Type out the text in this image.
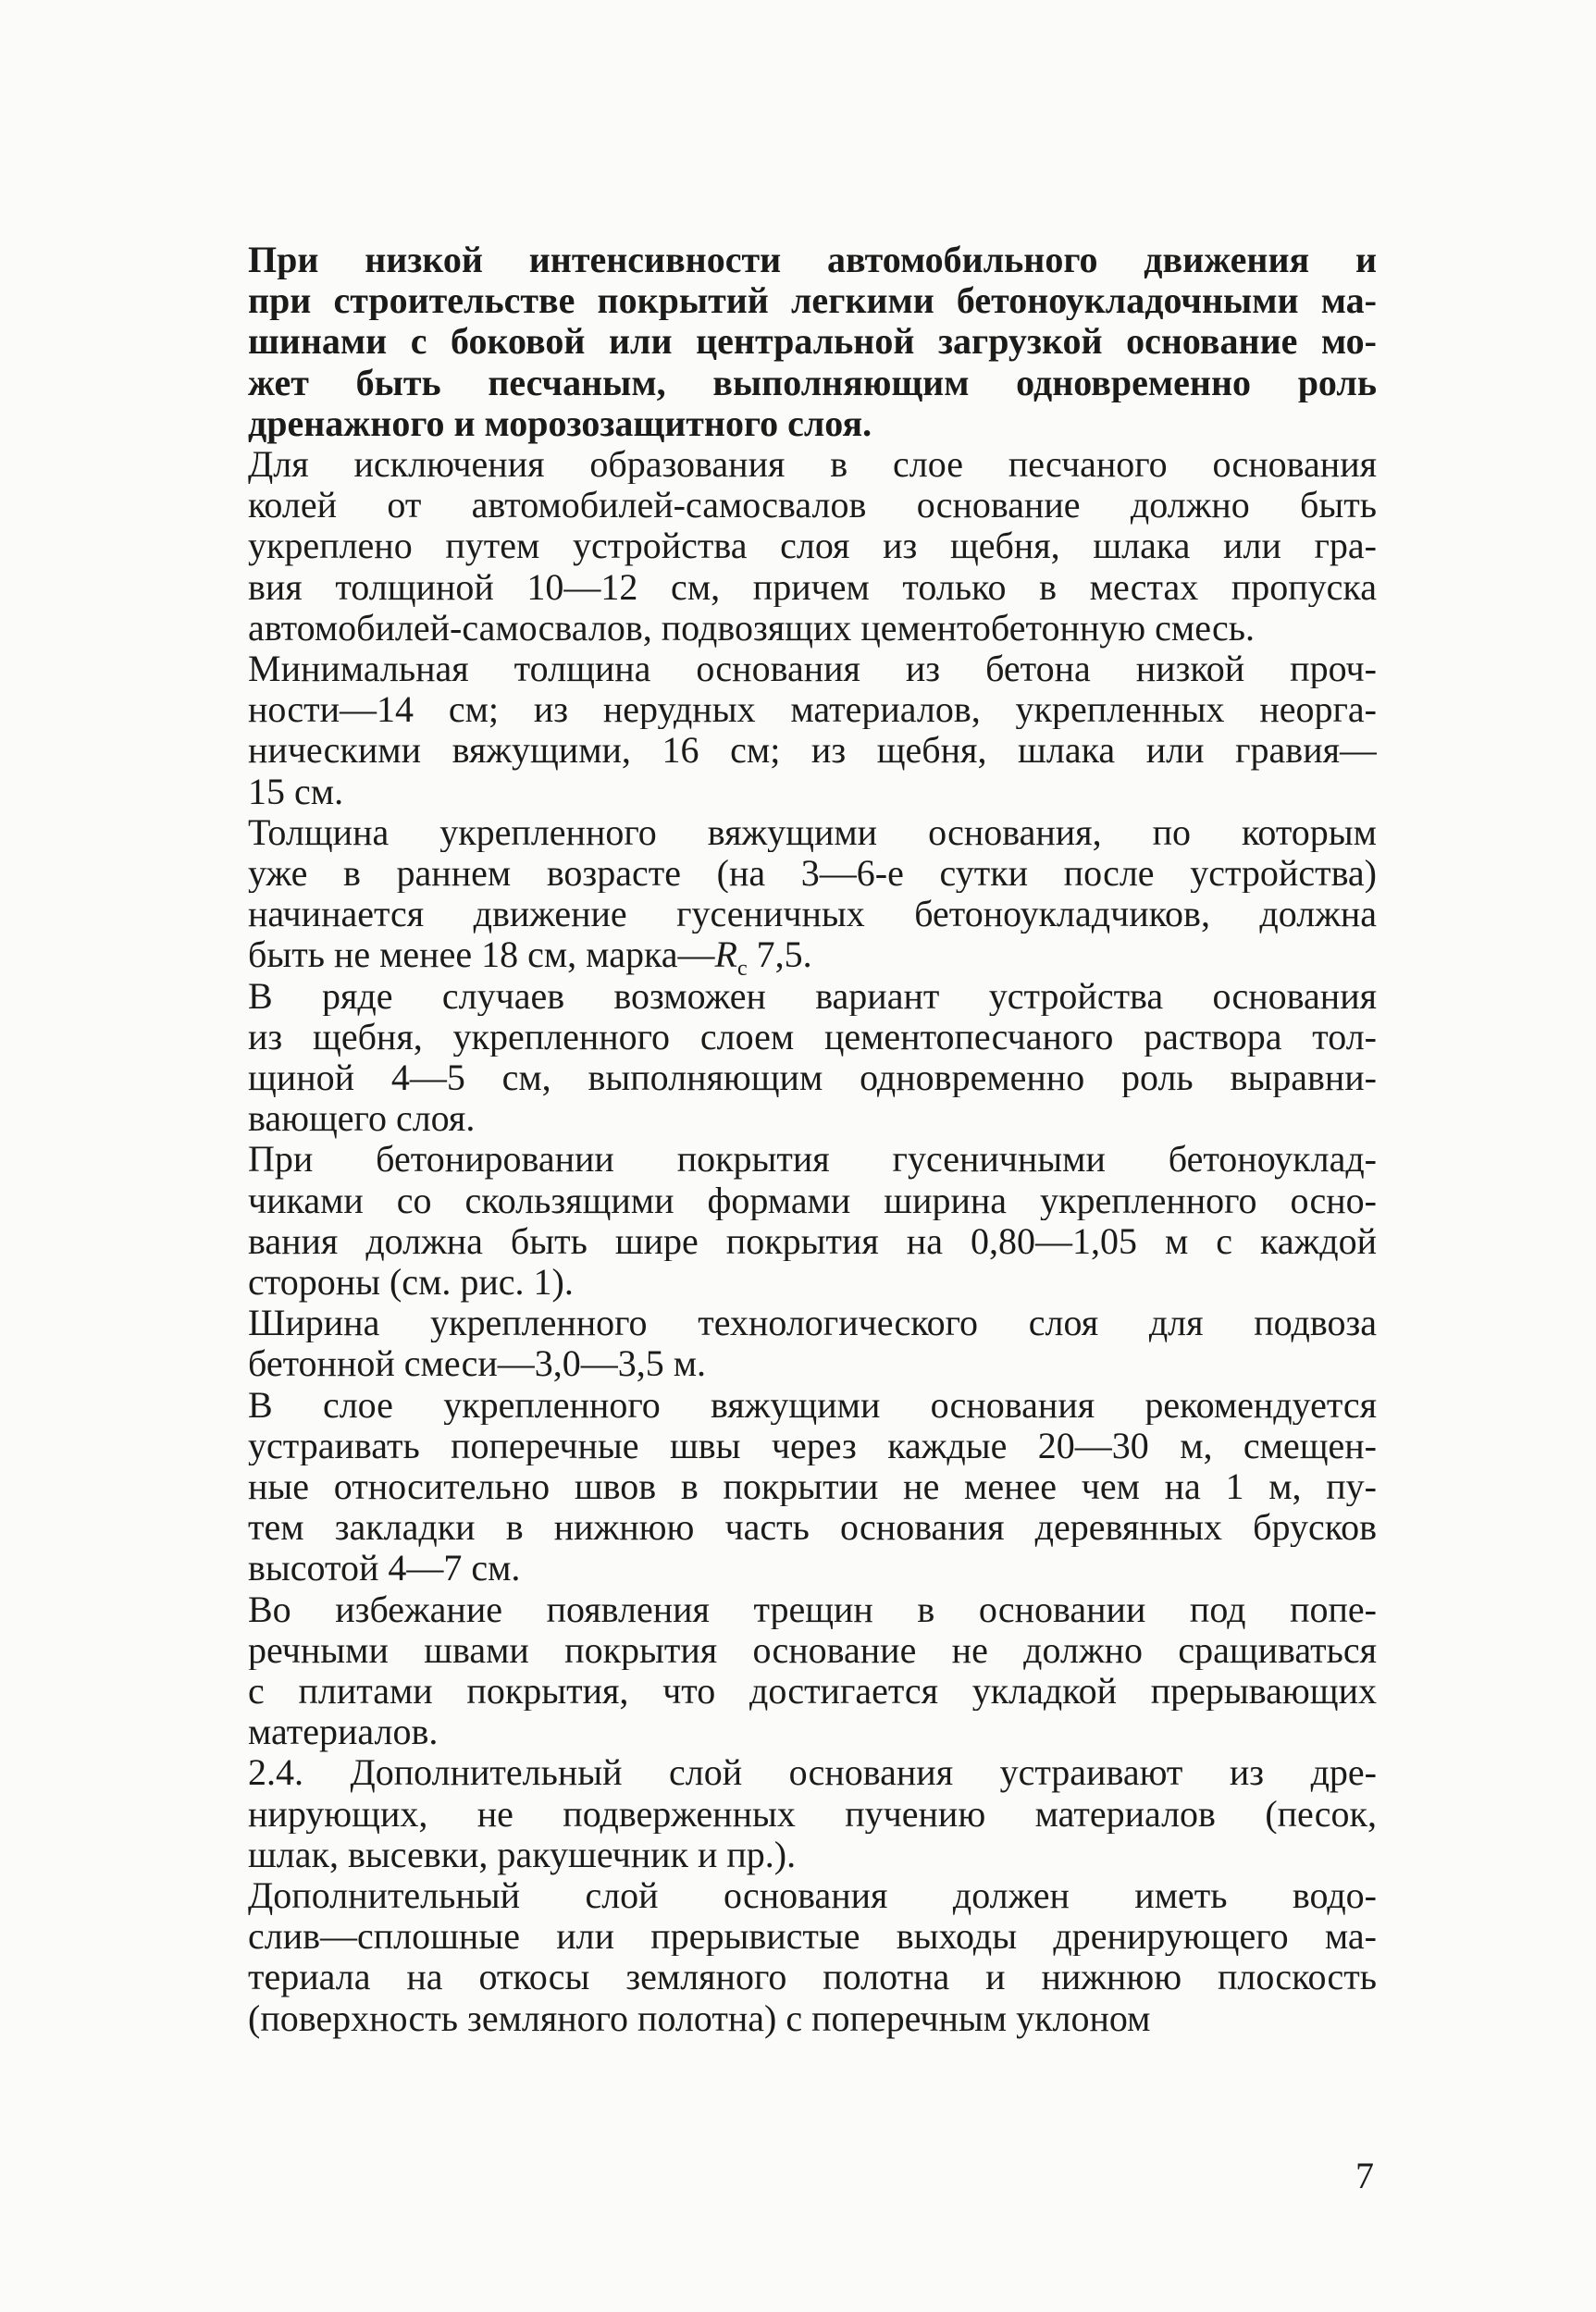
При низкой интенсивности автомобильного движения и
при строительстве покрытий легкими бетоноукладочными ма-
шинами с боковой или центральной загрузкой основание мо-
жет быть песчаным, выполняющим одновременно роль
дренажного и морозозащитного слоя.
Для исключения образования в слое песчаного основания
колей от автомобилей-самосвалов основание должно быть
укреплено путем устройства слоя из щебня, шлака или гра-
вия толщиной 10—12 см, причем только в местах пропуска
автомобилей-самосвалов, подвозящих цементобетонную смесь.
Минимальная толщина основания из бетона низкой проч-
ности—14 см; из нерудных материалов, укрепленных неорга-
ническими вяжущими, 16 см; из щебня, шлака или гравия—
15 см.
Толщина укрепленного вяжущими основания, по которым
уже в раннем возрасте (на 3—6-е сутки после устройства)
начинается движение гусеничных бетоноукладчиков, должна
быть не менее 18 см, $марка—R_с$ 7,5.
В ряде случаев возможен вариант устройства основания
из щебня, укрепленного слоем цементопесчаного раствора тол-
щиной 4—5 см, выполняющим одновременно роль выравни-
вающего слоя.
При бетонировании покрытия гусеничными бетоноуклад-
чиками со скользящими формами ширина укрепленного осно-
вания должна быть шире покрытия на 0,80—1,05 м с каждой
стороны (см. рис. 1).
Ширина укрепленного технологического слоя для подвоза
бетонной смеси—3,0—3,5 м.
В слое укрепленного вяжущими основания рекомендуется
устраивать поперечные швы через каждые 20—30 м, смещен-
ные относительно швов в покрытии не менее чем на 1 м, пу-
тем закладки в нижнюю часть основания деревянных брусков
высотой 4—7 см.
Во избежание появления трещин в основании под попе-
речными швами покрытия основание не должно сращиваться
с плитами покрытия, что достигается укладкой прерывающих
материалов.
2.4. Дополнительный слой основания устраивают из дре-
нирующих, не подверженных пучению материалов (песок,
шлак, высевки, ракушечник и пр.).
Дополнительный слой основания должен иметь водо-
слив—сплошные или прерывистые выходы дренирующего ма-
териала на откосы земляного полотна и нижнюю плоскость
(поверхность земляного полотна) с поперечным уклоном
7
